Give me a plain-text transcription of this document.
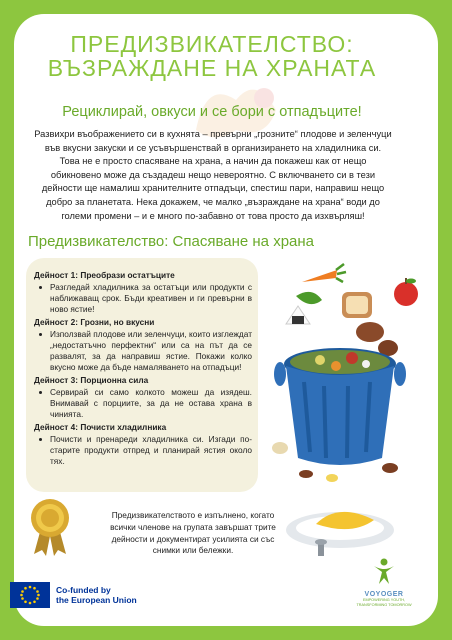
ПРЕДИЗВИКАТЕЛСТВО:
ВЪЗРАЖДАНЕ НА ХРАНАТА
Рециклирай, овкуси и се бори с отпадъците!
Развихри въображението си в кухнята – превърни „грозните“ плодове и зеленчуци във вкусни закуски и се усъвършенствай в организирането на хладилника си. Това не е просто спасяване на храна, а начин да покажеш как от нещо обикновено може да създадеш нещо невероятно. С включването си в тези дейности ще намалиш хранителните отпадъци, спестиш пари, направиш нещо добро за планетата. Нека докажем, че малко „възраждане на храна“ води до големи промени – и е много по-забавно от това просто да изхвърляш!
Предизвикателство: Спасяване на храна
Дейност 1: Преобрази остатъците
Разгледай хладилника за остатъци или продукти с наближаващ срок. Бъди креативен и ги превърни в ново ястие!
Дейност 2: Грозни, но вкусни
Използвай плодове или зеленчуци, които изглеждат „недостатъчно перфектни“ или са на път да се развалят, за да направиш ястие. Покажи колко вкусно може да бъде намаляването на отпадъци!
Дейност 3: Порционна сила
Сервирай си само колкото можеш да изядеш. Внимавай с порциите, за да не остава храна в чинията.
Дейност 4: Почисти хладилника
Почисти и пренареди хладилника си. Изгади по-старите продукти отпред и планирай ястия около тях.
Предизвикателството е изпълнено, когато всички членове на групата завършат трите дейности и документират усилията си със снимки или бележки.
Co-funded by
the European Union
VOYOGER
EMPOWERING YOUTH, TRANSFORMING TOMORROW
